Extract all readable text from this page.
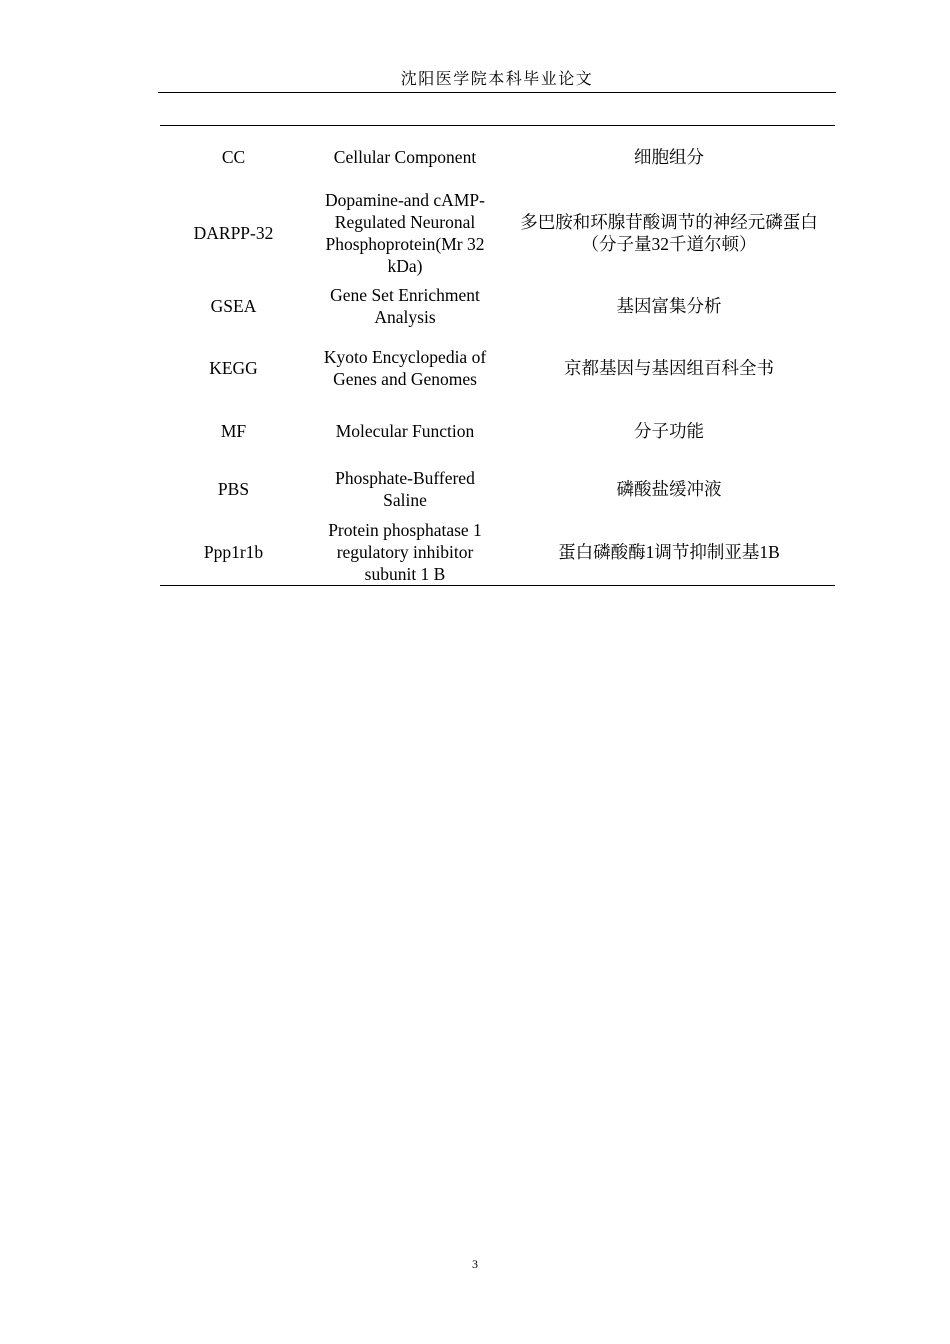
沈阳医学院本科毕业论文
CC	Cellular Component	细胞组分
DARPP-32	Dopamine-and cAMP-Regulated Neuronal Phosphoprotein(Mr 32 kDa)	多巴胺和环腺苷酸调节的神经元磷蛋白（分子量32千道尔顿）
GSEA	Gene Set Enrichment Analysis	基因富集分析
KEGG	Kyoto Encyclopedia of Genes and Genomes	京都基因与基因组百科全书
MF	Molecular Function	分子功能
PBS	Phosphate-Buffered Saline	磷酸盐缓冲液
Ppp1r1b	Protein phosphatase 1 regulatory inhibitor subunit 1 B	蛋白磷酸酶1调节抑制亚基1B
3
